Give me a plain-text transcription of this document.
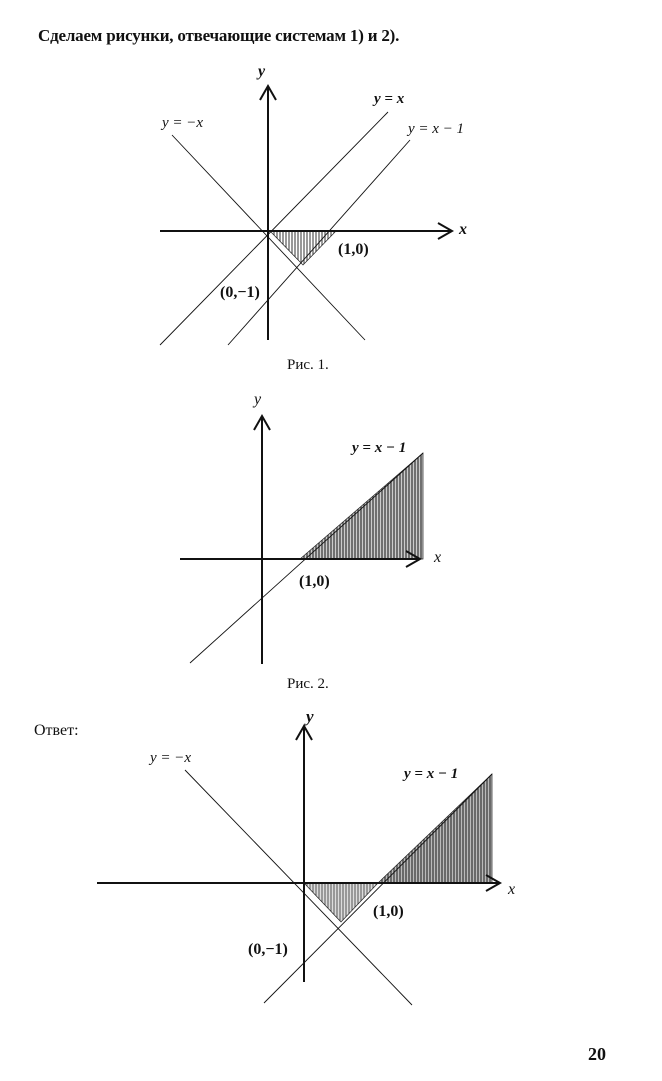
Сделаем рисунки, отвечающие системам 1) и 2).
y
x
y = −x
y = x
y = x − 1
(1,0)
(0,−1)
Рис. 1.
y
x
y = x − 1
(1,0)
Рис. 2.
Ответ:
y
x
y = −x
y = x − 1
(1,0)
(0,−1)
20
